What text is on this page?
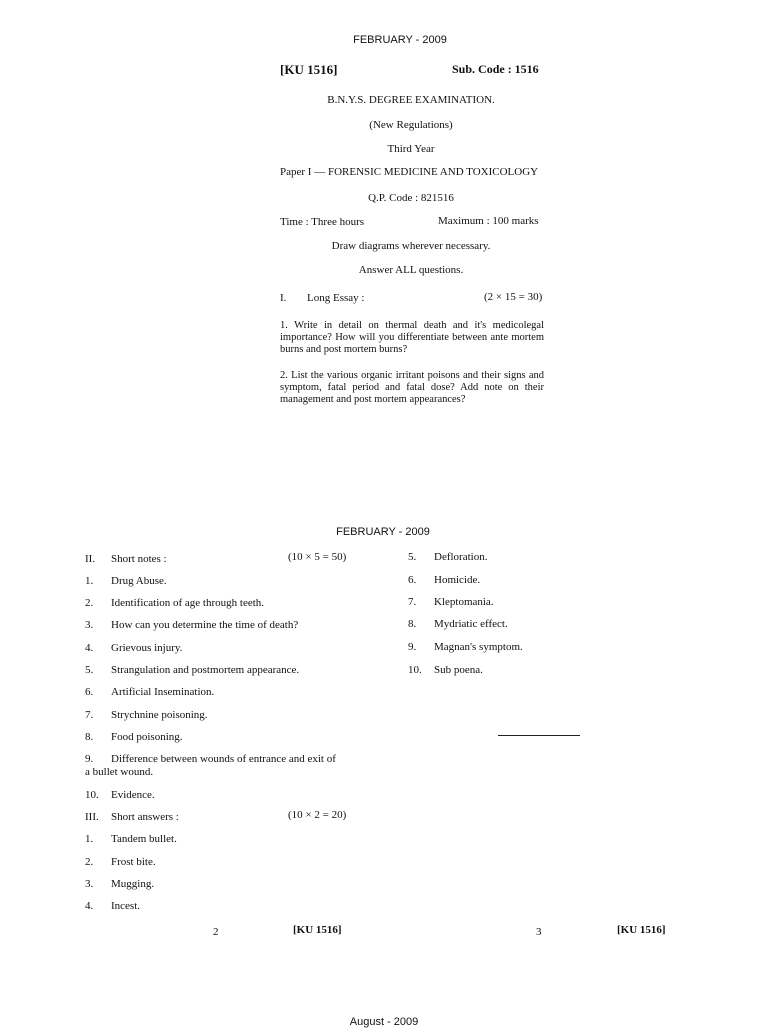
FEBRUARY - 2009
[KU 1516]	Sub. Code : 1516
B.N.Y.S. DEGREE EXAMINATION.
(New Regulations)
Third Year
Paper I — FORENSIC MEDICINE AND TOXICOLOGY
Q.P. Code : 821516
Time : Three hours	Maximum : 100 marks
Draw diagrams wherever necessary.
Answer ALL questions.
I. Long Essay :	(2 × 15 = 30)
1. Write in detail on thermal death and it's medicolegal importance? How will you differentiate between ante mortem burns and post mortem burns?
2. List the various organic irritant poisons and their signs and symptom, fatal period and fatal dose? Add note on their management and post mortem appearances?
FEBRUARY - 2009
II. Short notes :	(10 × 5 = 50)
1. Drug Abuse.
2. Identification of age through teeth.
3. How can you determine the time of death?
4. Grievous injury.
5. Strangulation and postmortem appearance.
6. Artificial Insemination.
7. Strychnine poisoning.
8. Food poisoning.
9. Difference between wounds of entrance and exit of
a bullet wound.
10. Evidence.
III. Short answers :	(10 × 2 = 20)
1. Tandem bullet.
2. Frost bite.
3. Mugging.
4. Incest.
5. Defloration.
6. Homicide.
7. Kleptomania.
8. Mydriatic effect.
9. Magnan's symptom.
10. Sub poena.
2	[KU 1516]	3	[KU 1516]
August - 2009
